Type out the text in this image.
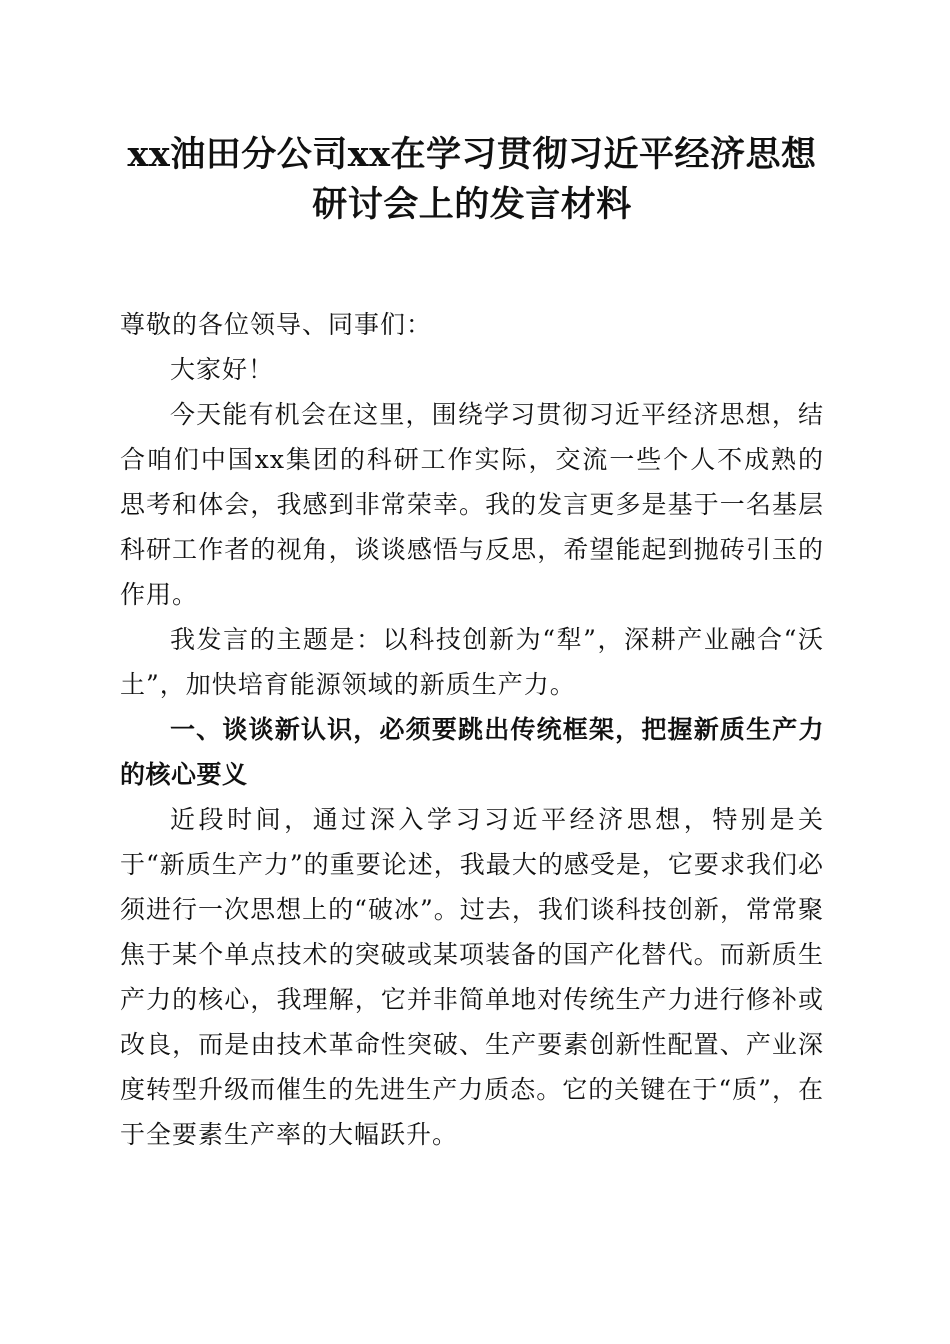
xx油田分公司xx在学习贯彻习近平经济思想
研讨会上的发言材料

尊敬的各位领导、同事们：

大家好！

今天能有机会在这里，围绕学习贯彻习近平经济思想，结合咱们中国xx集团的科研工作实际，交流一些个人不成熟的思考和体会，我感到非常荣幸。我的发言更多是基于一名基层科研工作者的视角，谈谈感悟与反思，希望能起到抛砖引玉的作用。

我发言的主题是：以科技创新为“犁”，深耕产业融合“沃土”，加快培育能源领域的新质生产力。

一、谈谈新认识，必须要跳出传统框架，把握新质生产力的核心要义

近段时间，通过深入学习习近平经济思想，特别是关于“新质生产力”的重要论述，我最大的感受是，它要求我们必须进行一次思想上的“破冰”。过去，我们谈科技创新，常常聚焦于某个单点技术的突破或某项装备的国产化替代。而新质生产力的核心，我理解，它并非简单地对传统生产力进行修补或改良，而是由技术革命性突破、生产要素创新性配置、产业深度转型升级而催生的先进生产力质态。它的关键在于“质”，在于全要素生产率的大幅跃升。
